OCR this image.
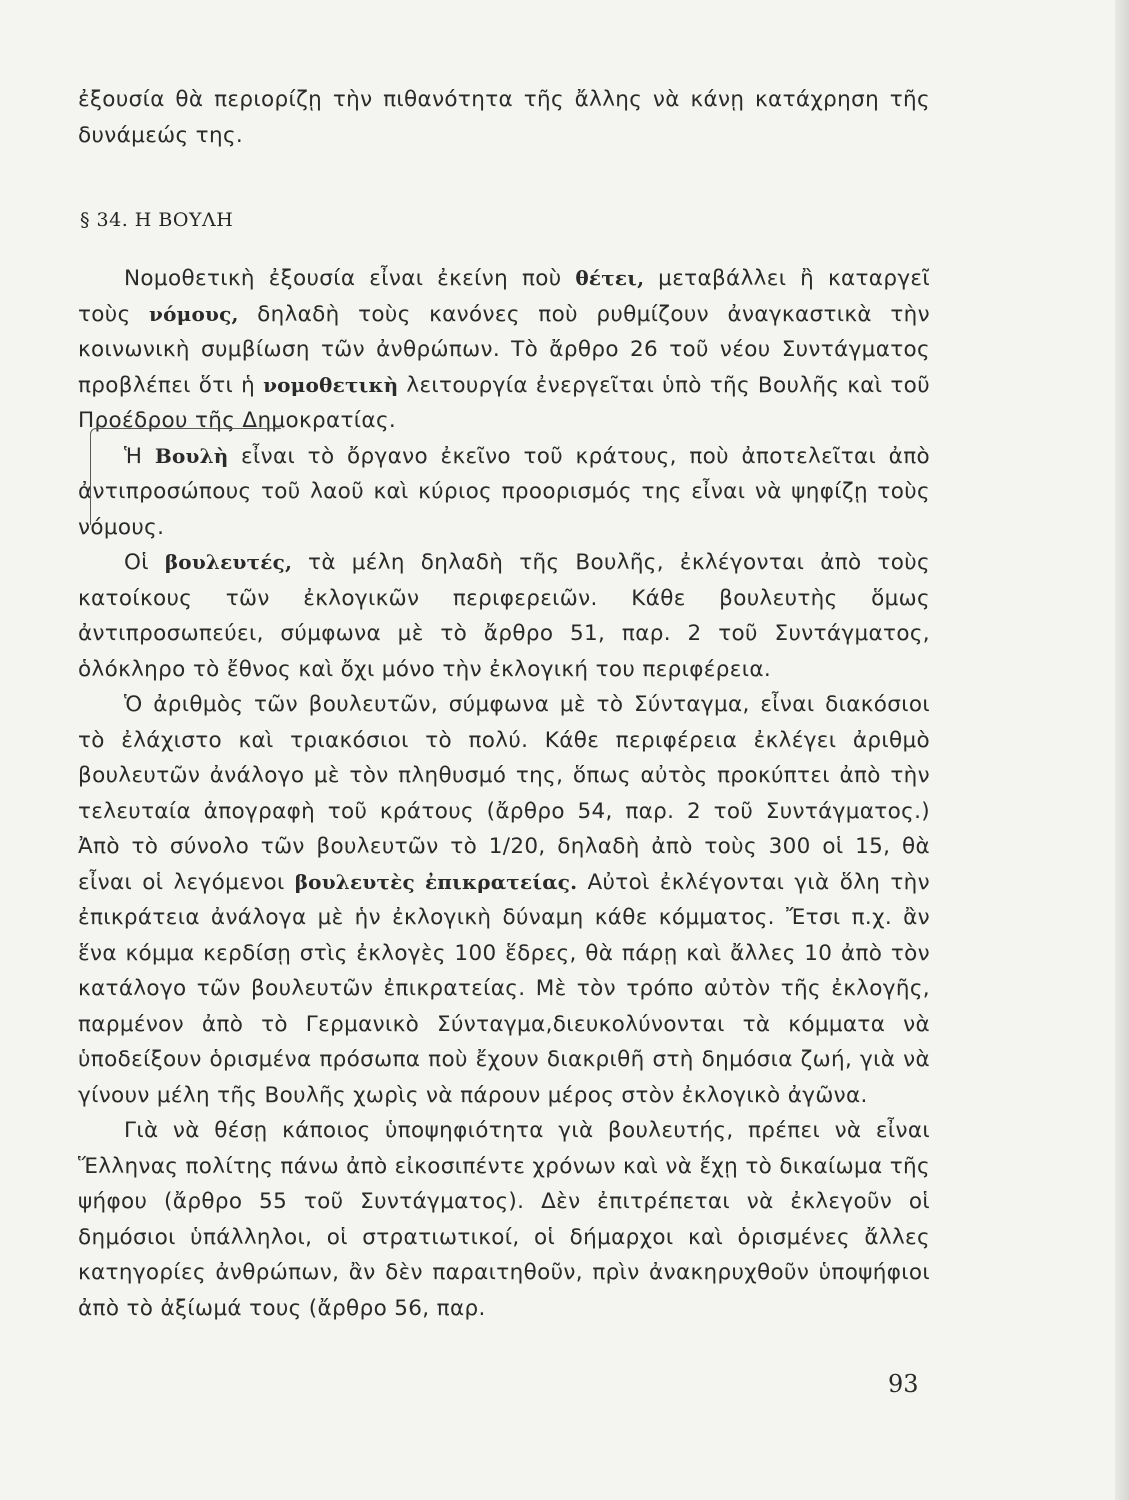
ἐξουσία θὰ περιορίζῃ τὴν πιθανότητα τῆς ἄλλης νὰ κάνῃ κατάχρηση τῆς δυνάμεώς της.

§ 34. Η ΒΟΥΛΗ

Νομοθετικὴ ἐξουσία εἶναι ἐκείνη ποὺ θέτει, μεταβάλλει ἢ καταργεῖ τοὺς νόμους, δηλαδὴ τοὺς κανόνες ποὺ ρυθμίζουν ἀναγκαστικὰ τὴν κοινωνικὴ συμβίωση τῶν ἀνθρώπων. Τὸ ἄρθρο 26 τοῦ νέου Συντάγματος προβλέπει ὅτι ἡ νομοθετικὴ λειτουργία ἐνεργεῖται ὑπὸ τῆς Βουλῆς καὶ τοῦ Προέδρου τῆς Δημοκρατίας.

Ἡ Βουλὴ εἶναι τὸ ὄργανο ἐκεῖνο τοῦ κράτους, ποὺ ἀποτελεῖται ἀπὸ ἀντιπροσώπους τοῦ λαοῦ καὶ κύριος προορισμός της εἶναι νὰ ψηφίζῃ τοὺς νόμους.

Οἱ βουλευτές, τὰ μέλη δηλαδὴ τῆς Βουλῆς, ἐκλέγονται ἀπὸ τοὺς κατοίκους τῶν ἐκλογικῶν περιφερειῶν. Κάθε βουλευτὴς ὅμως ἀντιπροσωπεύει, σύμφωνα μὲ τὸ ἄρθρο 51, παρ. 2 τοῦ Συντάγματος, ὁλόκληρο τὸ ἔθνος καὶ ὄχι μόνο τὴν ἐκλογική του περιφέρεια.

Ὁ ἀριθμὸς τῶν βουλευτῶν, σύμφωνα μὲ τὸ Σύνταγμα, εἶναι διακόσιοι τὸ ἐλάχιστο καὶ τριακόσιοι τὸ πολύ. Κάθε περιφέρεια ἐκλέγει ἀριθμὸ βουλευτῶν ἀνάλογο μὲ τὸν πληθυσμό της, ὅπως αὐτὸς προκύπτει ἀπὸ τὴν τελευταία ἀπογραφὴ τοῦ κράτους (ἄρθρο 54, παρ. 2 τοῦ Συντάγματος.) Ἀπὸ τὸ σύνολο τῶν βουλευτῶν τὸ 1/20, δηλαδὴ ἀπὸ τοὺς 300 οἱ 15, θὰ εἶναι οἱ λεγόμενοι βουλευτὲς ἐπικρατείας. Αὐτοὶ ἐκλέγονται γιὰ ὅλη τὴν ἐπικράτεια ἀνάλογα μὲ ἡν ἐκλογικὴ δύναμη κάθε κόμματος. Ἔτσι π.χ. ἂν ἕνα κόμμα κερδίσῃ στὶς ἐκλογὲς 100 ἕδρες, θὰ πάρῃ καὶ ἄλλες 10 ἀπὸ τὸν κατάλογο τῶν βουλευτῶν ἐπικρατείας. Μὲ τὸν τρόπο αὐτὸν τῆς ἐκλογῆς, παρμένον ἀπὸ τὸ Γερμανικὸ Σύνταγμα,διευκολύνονται τὰ κόμματα νὰ ὑποδείξουν ὁρισμένα πρόσωπα ποὺ ἔχουν διακριθῆ στὴ δημόσια ζωή, γιὰ νὰ γίνουν μέλη τῆς Βουλῆς χωρὶς νὰ πάρουν μέρος στὸν ἐκλογικὸ ἀγῶνα.

Γιὰ νὰ θέσῃ κάποιος ὑποψηφιότητα γιὰ βουλευτής, πρέπει νὰ εἶναι Ἕλληνας πολίτης πάνω ἀπὸ εἰκοσιπέντε χρόνων καὶ νὰ ἔχῃ τὸ δικαίωμα τῆς ψήφου (ἄρθρο 55 τοῦ Συντάγματος). Δὲν ἐπιτρέπεται νὰ ἐκλεγοῦν οἱ δημόσιοι ὑπάλληλοι, οἱ στρατιωτικοί, οἱ δήμαρχοι καὶ ὁρισμένες ἄλλες κατηγορίες ἀνθρώπων, ἂν δὲν παραιτηθοῦν, πρὶν ἀνακηρυχθοῦν ὑποψήφιοι ἀπὸ τὸ ἀξίωμά τους (ἄρθρο 56, παρ.

93
